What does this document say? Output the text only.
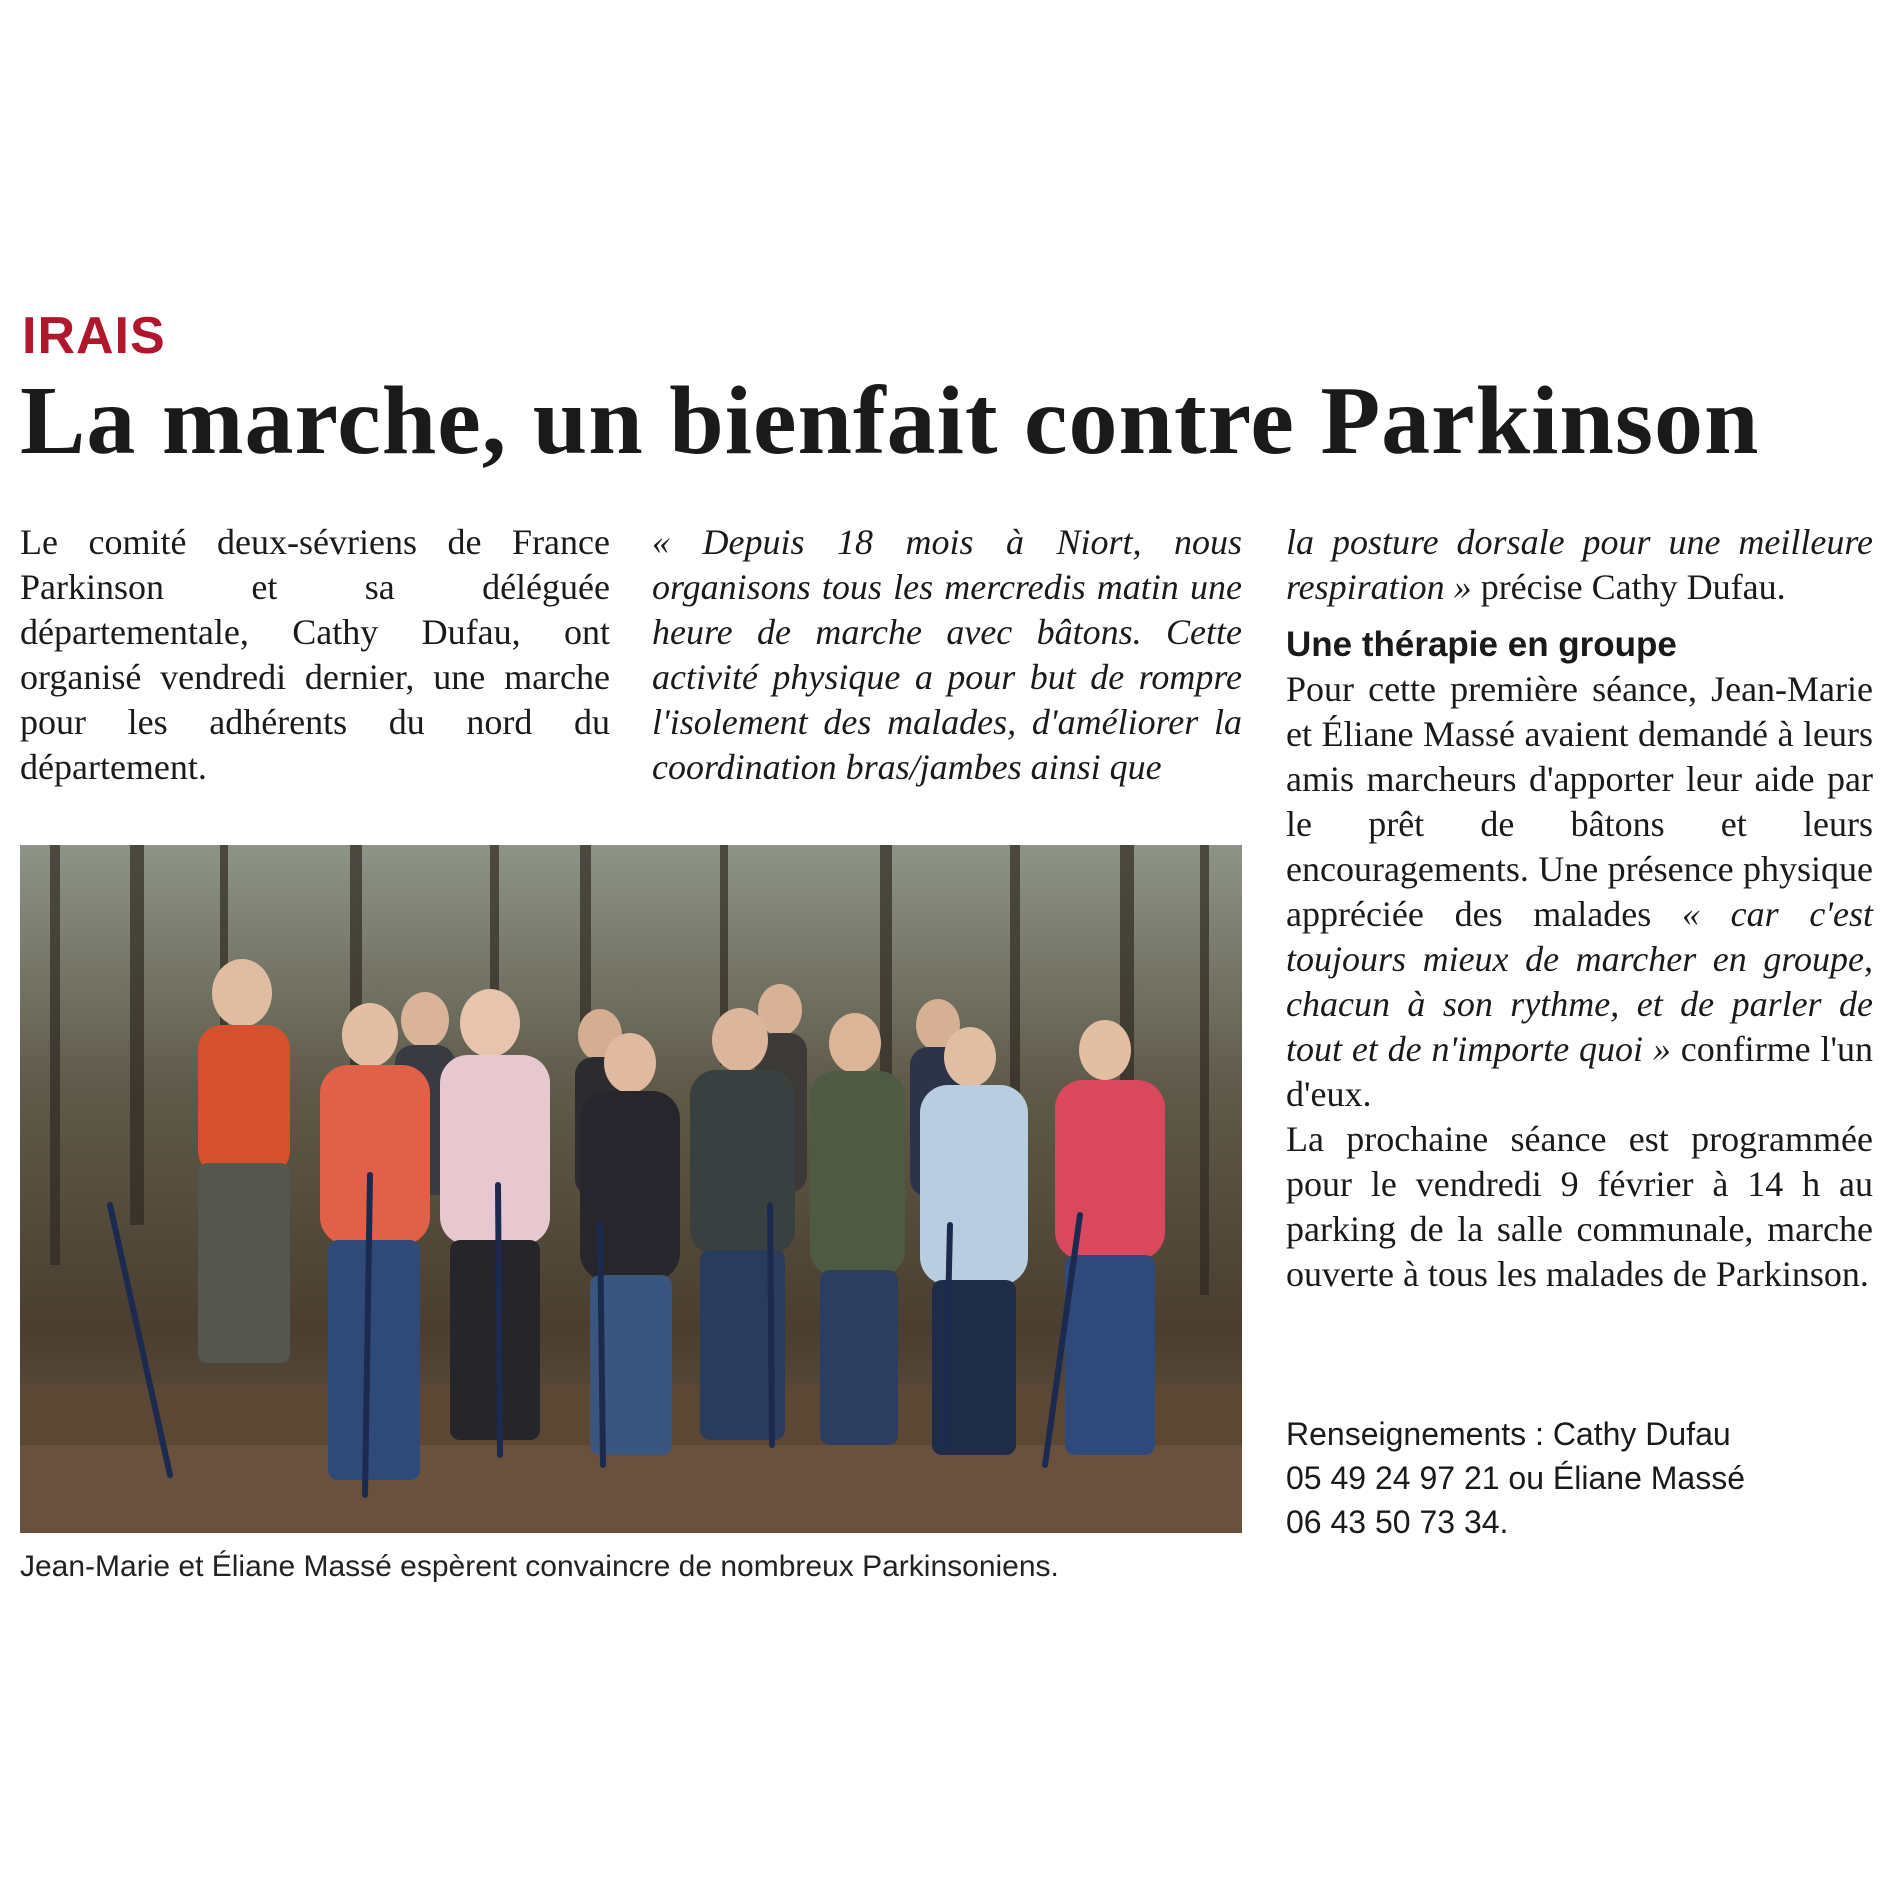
IRAIS
La marche, un bienfait contre Parkinson

Le comité deux-sévriens de France Parkinson et sa déléguée départementale, Cathy Dufau, ont organisé vendredi dernier, une marche pour les adhérents du nord du département.

« Depuis 18 mois à Niort, nous organisons tous les mercredis matin une heure de marche avec bâtons. Cette activité physique a pour but de rompre l'isolement des malades, d'améliorer la coordination bras/jambes ainsi que

la posture dorsale pour une meilleure respiration » précise Cathy Dufau.

Une thérapie en groupe

Pour cette première séance, Jean-Marie et Éliane Massé avaient demandé à leurs amis marcheurs d'apporter leur aide par le prêt de bâtons et leurs encouragements. Une présence physique appréciée des malades « car c'est toujours mieux de marcher en groupe, chacun à son rythme, et de parler de tout et de n'importe quoi » confirme l'un d'eux.

La prochaine séance est programmée pour le vendredi 9 février à 14 h au parking de la salle communale, marche ouverte à tous les malades de Parkinson.

Renseignements : Cathy Dufau
05 49 24 97 21 ou Éliane Massé
06 43 50 73 34.
Jean-Marie et Éliane Massé espèrent convaincre de nombreux Parkinsoniens.
